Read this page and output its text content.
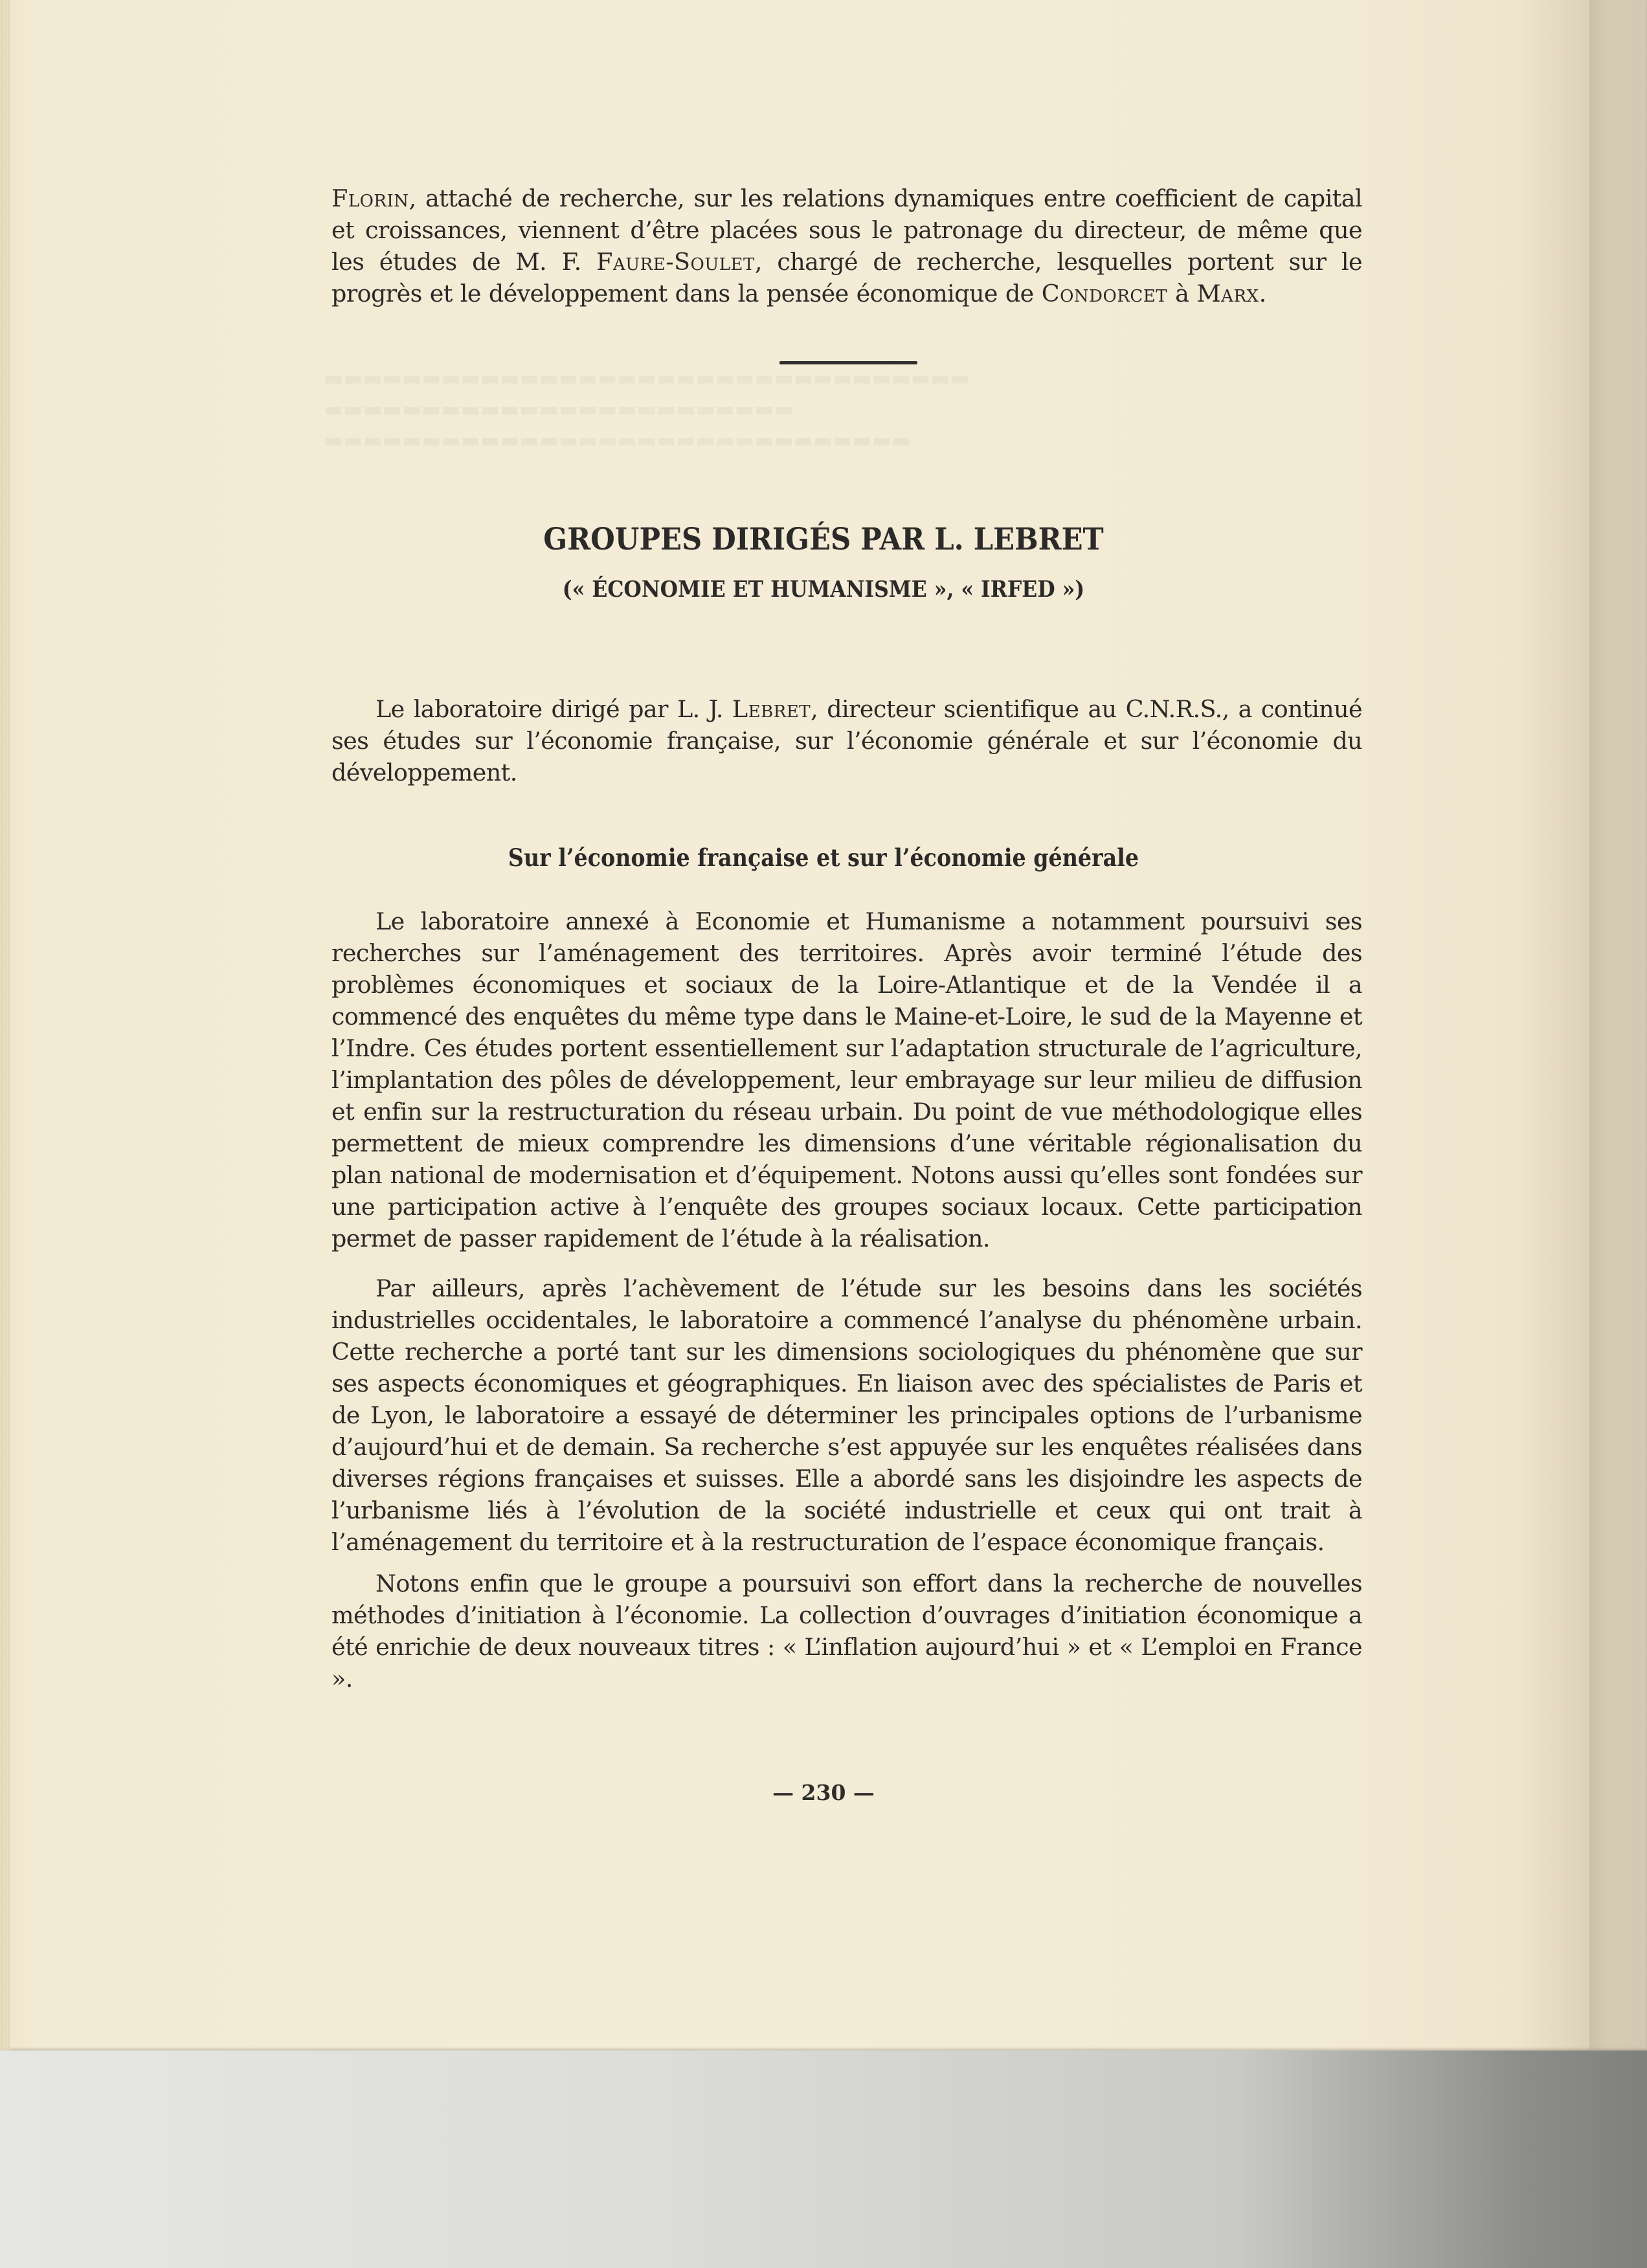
Florin, attaché de recherche, sur les relations dynamiques entre coefficient de capital et croissances, viennent d’être placées sous le patronage du directeur, de même que les études de M. F. Faure-Soulet, chargé de recherche, lesquelles portent sur le progrès et le développement dans la pensée économique de Condorcet à Marx.

GROUPES DIRIGÉS PAR L. LEBRET
(« ÉCONOMIE ET HUMANISME », « IRFED »)

Le laboratoire dirigé par L. J. Lebret, directeur scientifique au C.N.R.S., a continué ses études sur l’économie française, sur l’économie générale et sur l’économie du développement.

Sur l’économie française et sur l’économie générale

Le laboratoire annexé à Economie et Humanisme a notamment poursuivi ses recherches sur l’aménagement des territoires. Après avoir terminé l’étude des problèmes économiques et sociaux de la Loire-Atlantique et de la Vendée il a commencé des enquêtes du même type dans le Maine-et-Loire, le sud de la Mayenne et l’Indre. Ces études portent essentiellement sur l’adaptation structurale de l’agriculture, l’implantation des pôles de développement, leur embrayage sur leur milieu de diffusion et enfin sur la restructuration du réseau urbain. Du point de vue méthodologique elles permettent de mieux comprendre les dimensions d’une véritable régionalisation du plan national de modernisation et d’équipement. Notons aussi qu’elles sont fondées sur une participation active à l’enquête des groupes sociaux locaux. Cette participation permet de passer rapidement de l’étude à la réalisation.

Par ailleurs, après l’achèvement de l’étude sur les besoins dans les sociétés industrielles occidentales, le laboratoire a commencé l’analyse du phénomène urbain. Cette recherche a porté tant sur les dimensions sociologiques du phénomène que sur ses aspects économiques et géographiques. En liaison avec des spécialistes de Paris et de Lyon, le laboratoire a essayé de déterminer les principales options de l’urbanisme d’aujourd’hui et de demain. Sa recherche s’est appuyée sur les enquêtes réalisées dans diverses régions françaises et suisses. Elle a abordé sans les disjoindre les aspects de l’urbanisme liés à l’évolution de la société industrielle et ceux qui ont trait à l’aménagement du territoire et à la restructuration de l’espace économique français.

Notons enfin que le groupe a poursuivi son effort dans la recherche de nouvelles méthodes d’initiation à l’économie. La collection d’ouvrages d’initiation économique a été enrichie de deux nouveaux titres : « L’inflation aujourd’hui » et « L’emploi en France ».

— 230 —
